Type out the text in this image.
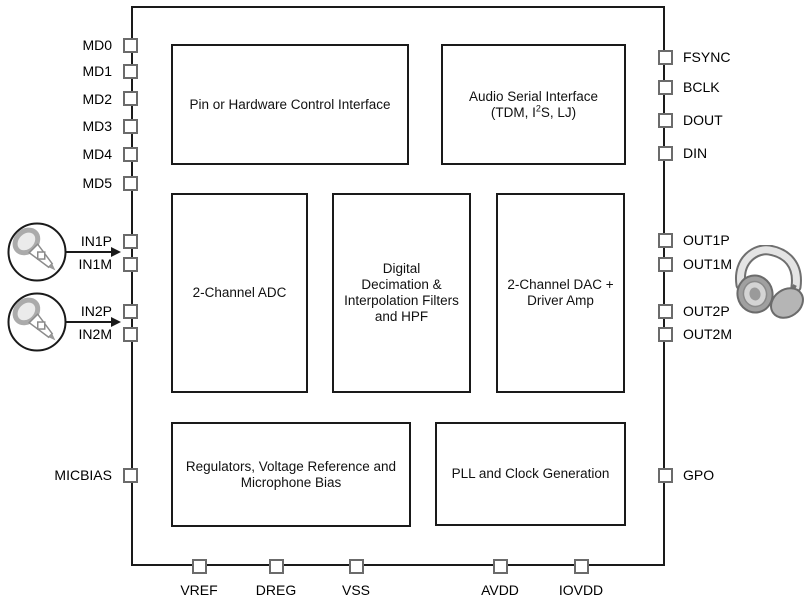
Pin or Hardware Control Interface
Audio Serial Interface
(TDM, $I^2S$, LJ)
2-Channel ADC
Digital
Decimation &
Interpolation Filters
and HPF
2-Channel DAC +
Driver Amp
Regulators, Voltage Reference and
Microphone Bias
PLL and Clock Generation
MD0
MD1
MD2
MD3
MD4
MD5
IN1P
IN1M
IN2P
IN2M
MICBIAS
FSYNC
BCLK
DOUT
DIN
OUT1P
OUT1M
OUT2P
OUT2M
GPO
VREF	DREG	VSS	AVDD	IOVDD
